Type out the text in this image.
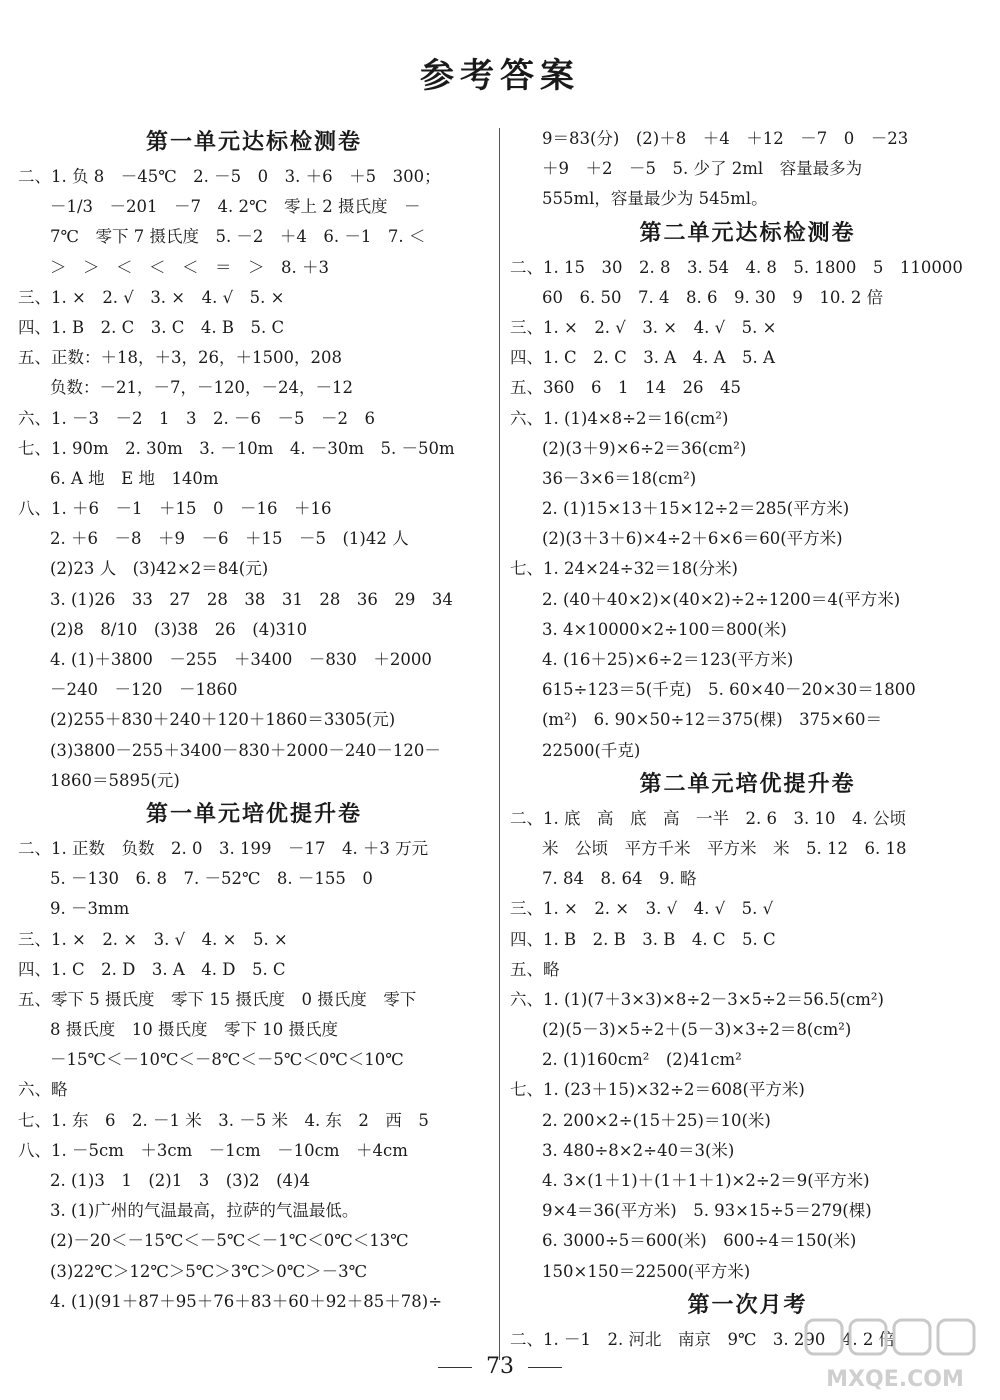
参考答案
第一单元达标检测卷
二、1. 负 8　－45℃　2. －5　0　3. ＋6　＋5　300；
－1/3　－201　－7　4. 2℃　零上 2 摄氏度　－
7℃　零下 7 摄氏度　5. －2　＋4　6. －1　7. ＜
＞　＞　＜　＜　＜　＝　＞　8. ＋3
三、1. ×　2. √　3. ×　4. √　5. ×
四、1. B　2. C　3. C　4. B　5. C
五、正数：＋18，＋3，26，＋1500，208
负数：－21，－7，－120，－24，－12
六、1. －3　－2　1　3　2. －6　－5　－2　6
七、1. 90m　2. 30m　3. －10m　4. －30m　5. －50m
6. A 地　E 地　140m
八、1. ＋6　－1　＋15　0　－16　＋16
2. ＋6　－8　＋9　－6　＋15　－5　(1)42 人
(2)23 人　(3)42×2＝84(元)
3. (1)26　33　27　28　38　31　28　36　29　34
(2)8　8/10　(3)38　26　(4)310
4. (1)＋3800　－255　＋3400　－830　＋2000
－240　－120　－1860
(2)255＋830＋240＋120＋1860＝3305(元)
(3)3800－255＋3400－830＋2000－240－120－
1860＝5895(元)
第一单元培优提升卷
二、1. 正数　负数　2. 0　3. 199　－17　4. ＋3 万元
5. －130　6. 8　7. －52℃　8. －155　0
9. －3mm
三、1. ×　2. ×　3. √　4. ×　5. ×
四、1. C　2. D　3. A　4. D　5. C
五、零下 5 摄氏度　零下 15 摄氏度　0 摄氏度　零下
8 摄氏度　10 摄氏度　零下 10 摄氏度
－15℃＜－10℃＜－8℃＜－5℃＜0℃＜10℃
六、略
七、1. 东　6　2. －1 米　3. －5 米　4. 东　2　西　5
八、1. －5cm　＋3cm　－1cm　－10cm　＋4cm
2. (1)3　1　(2)1　3　(3)2　(4)4
3. (1)广州的气温最高，拉萨的气温最低。
(2)－20＜－15℃＜－5℃＜－1℃＜0℃＜13℃
(3)22℃＞12℃＞5℃＞3℃＞0℃＞－3℃
4. (1)(91＋87＋95＋76＋83＋60＋92＋85＋78)÷
9＝83(分)　(2)＋8　＋4　＋12　－7　0　－23
＋9　＋2　－5　5. 少了 2ml　容量最多为
555ml，容量最少为 545ml。
第二单元达标检测卷
二、1. 15　30　2. 8　3. 54　4. 8　5. 1800　5　110000
60　6. 50　7. 4　8. 6　9. 30　9　10. 2 倍
三、1. ×　2. √　3. ×　4. √　5. ×
四、1. C　2. C　3. A　4. A　5. A
五、360　6　1　14　26　45
六、1. (1)4×8÷2＝16(cm²)
(2)(3＋9)×6÷2＝36(cm²)
36－3×6＝18(cm²)
2. (1)15×13＋15×12÷2＝285(平方米)
(2)(3＋3＋6)×4÷2＋6×6＝60(平方米)
七、1. 24×24÷32＝18(分米)
2. (40＋40×2)×(40×2)÷2÷1200＝4(平方米)
3. 4×10000×2÷100＝800(米)
4. (16＋25)×6÷2＝123(平方米)
615÷123＝5(千克)　5. 60×40－20×30＝1800
(m²)　6. 90×50÷12＝375(棵)　375×60＝
22500(千克)
第二单元培优提升卷
二、1. 底　高　底　高　一半　2. 6　3. 10　4. 公顷
米　公顷　平方千米　平方米　米　5. 12　6. 18
7. 84　8. 64　9. 略
三、1. ×　2. ×　3. √　4. √　5. √
四、1. B　2. B　3. B　4. C　5. C
五、略
六、1. (1)(7＋3×3)×8÷2－3×5÷2＝56.5(cm²)
(2)(5－3)×5÷2＋(5－3)×3÷2＝8(cm²)
2. (1)160cm²　(2)41cm²
七、1. (23＋15)×32÷2＝608(平方米)
2. 200×2÷(15＋25)＝10(米)
3. 480÷8×2÷40＝3(米)
4. 3×(1＋1)＋(1＋1＋1)×2÷2＝9(平方米)
9×4＝36(平方米)　5. 93×15÷5＝279(棵)
6. 3000÷5＝600(米)　600÷4＝150(米)
150×150＝22500(平方米)
第一次月考
二、1. －1　2. 河北　南京　9℃　3. 290　4. 2 倍
73
MXQE.COM
